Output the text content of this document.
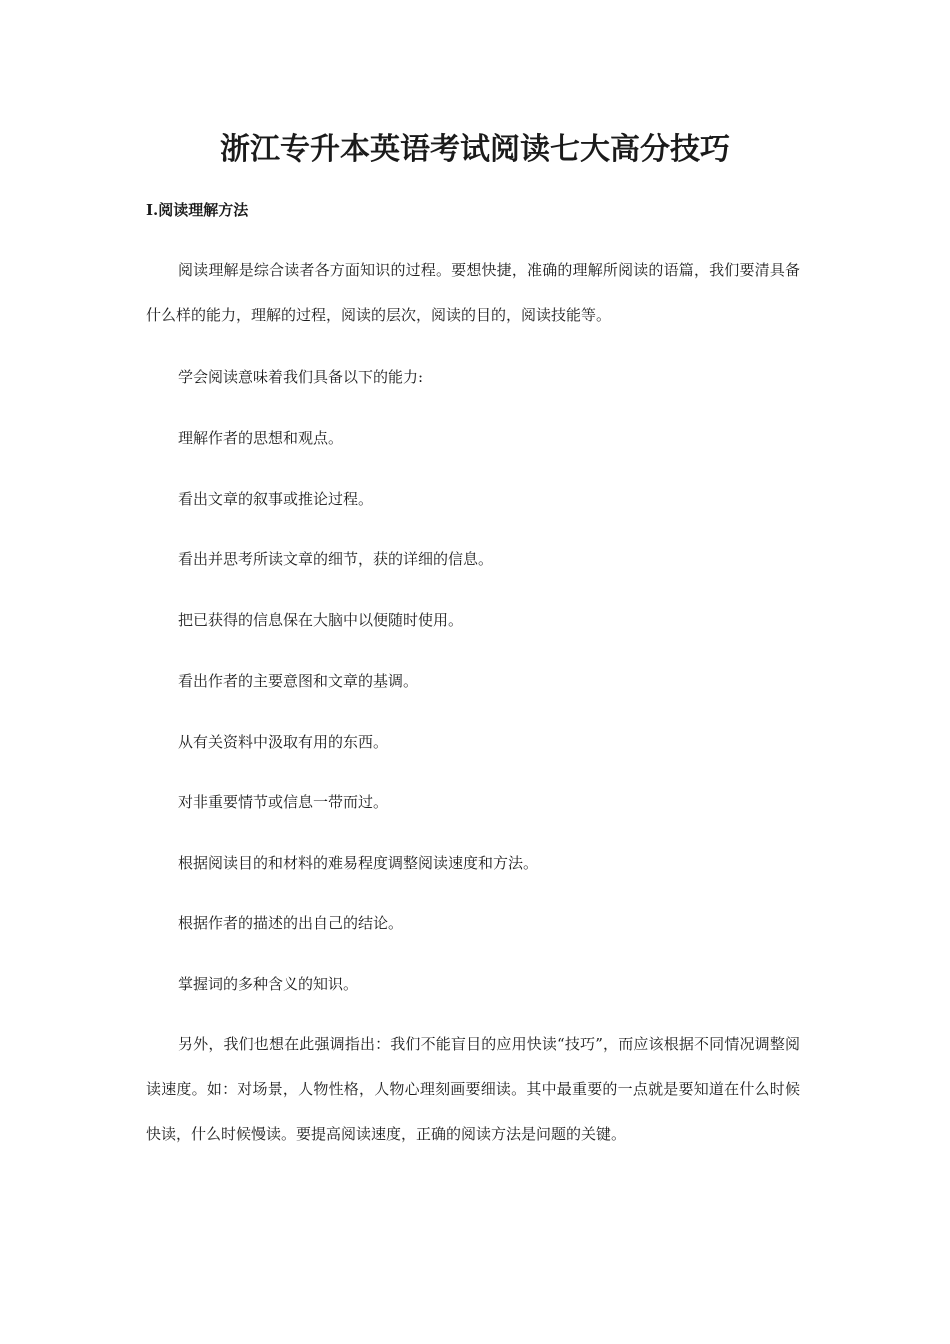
浙江专升本英语考试阅读七大高分技巧
Ⅰ.阅读理解方法

阅读理解是综合读者各方面知识的过程。要想快捷，准确的理解所阅读的语篇，我们要清具备什么样的能力，理解的过程，阅读的层次，阅读的目的，阅读技能等。

学会阅读意味着我们具备以下的能力:
理解作者的思想和观点。
看出文章的叙事或推论过程。
看出并思考所读文章的细节，获的详细的信息。
把已获得的信息保在大脑中以便随时使用。
看出作者的主要意图和文章的基调。
从有关资料中汲取有用的东西。
对非重要情节或信息一带而过。
根据阅读目的和材料的难易程度调整阅读速度和方法。
根据作者的描述的出自己的结论。
掌握词的多种含义的知识。

另外，我们也想在此强调指出：我们不能盲目的应用快读“技巧”，而应该根据不同情况调整阅读速度。如：对场景，人物性格，人物心理刻画要细读。其中最重要的一点就是要知道在什么时候快读，什么时候慢读。要提高阅读速度，正确的阅读方法是问题的关键。
